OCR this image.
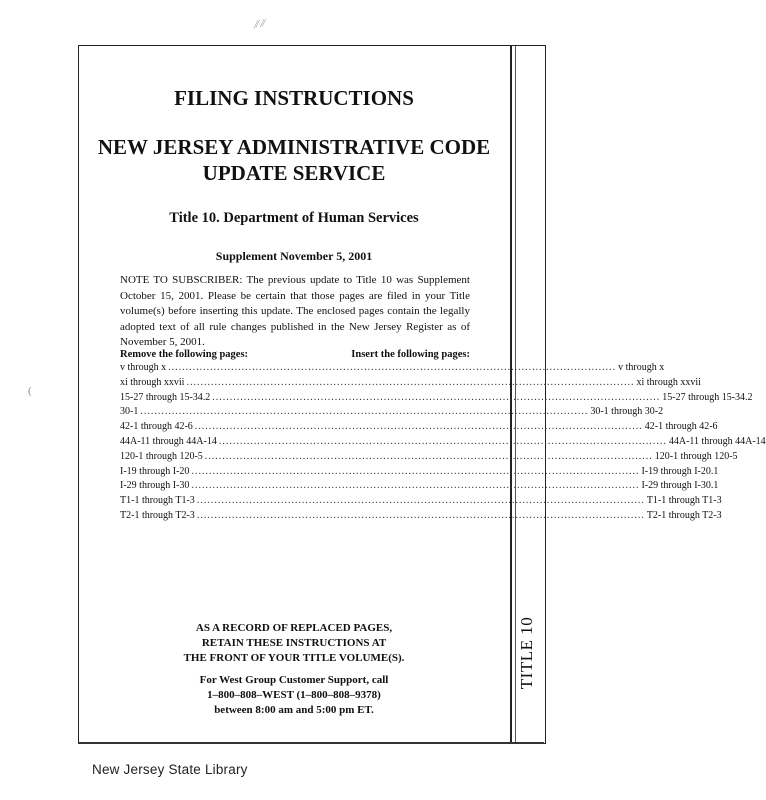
TITLE 10
FILING INSTRUCTIONS
NEW JERSEY ADMINISTRATIVE CODE
UPDATE SERVICE
Title 10. Department of Human Services
Supplement November 5, 2001
NOTE TO SUBSCRIBER: The previous update to Title 10 was Supplement October 15, 2001. Please be certain that those pages are filed in your Title volume(s) before inserting this update. The enclosed pages contain the legally adopted text of all rule changes published in the New Jersey Register as of November 5, 2001.
Remove the following pages:	Insert the following pages:
v through x ................................................................................................................................ v through x
xi through xxvii ................................................................................................................................ xi through xxvii
15-27 through 15-34.2 ................................................................................................................................ 15-27 through 15-34.2
30-1 ................................................................................................................................ 30-1 through 30-2
42-1 through 42-6 ................................................................................................................................ 42-1 through 42-6
44A-11 through 44A-14 ................................................................................................................................ 44A-11 through 44A-14
120-1 through 120-5 ................................................................................................................................ 120-1 through 120-5
I-19 through I-20 ................................................................................................................................ I-19 through I-20.1
I-29 through I-30 ................................................................................................................................ I-29 through I-30.1
T1-1 through T1-3 ................................................................................................................................ T1-1 through T1-3
T2-1 through T2-3 ................................................................................................................................ T2-1 through T2-3
AS A RECORD OF REPLACED PAGES,
RETAIN THESE INSTRUCTIONS AT
THE FRONT OF YOUR TITLE VOLUME(S).
For West Group Customer Support, call
1–800–808–WEST (1–800–808–9378)
between 8:00 am and 5:00 pm ET.
New Jersey State Library
⁄⁄ ⁄⁄
(
